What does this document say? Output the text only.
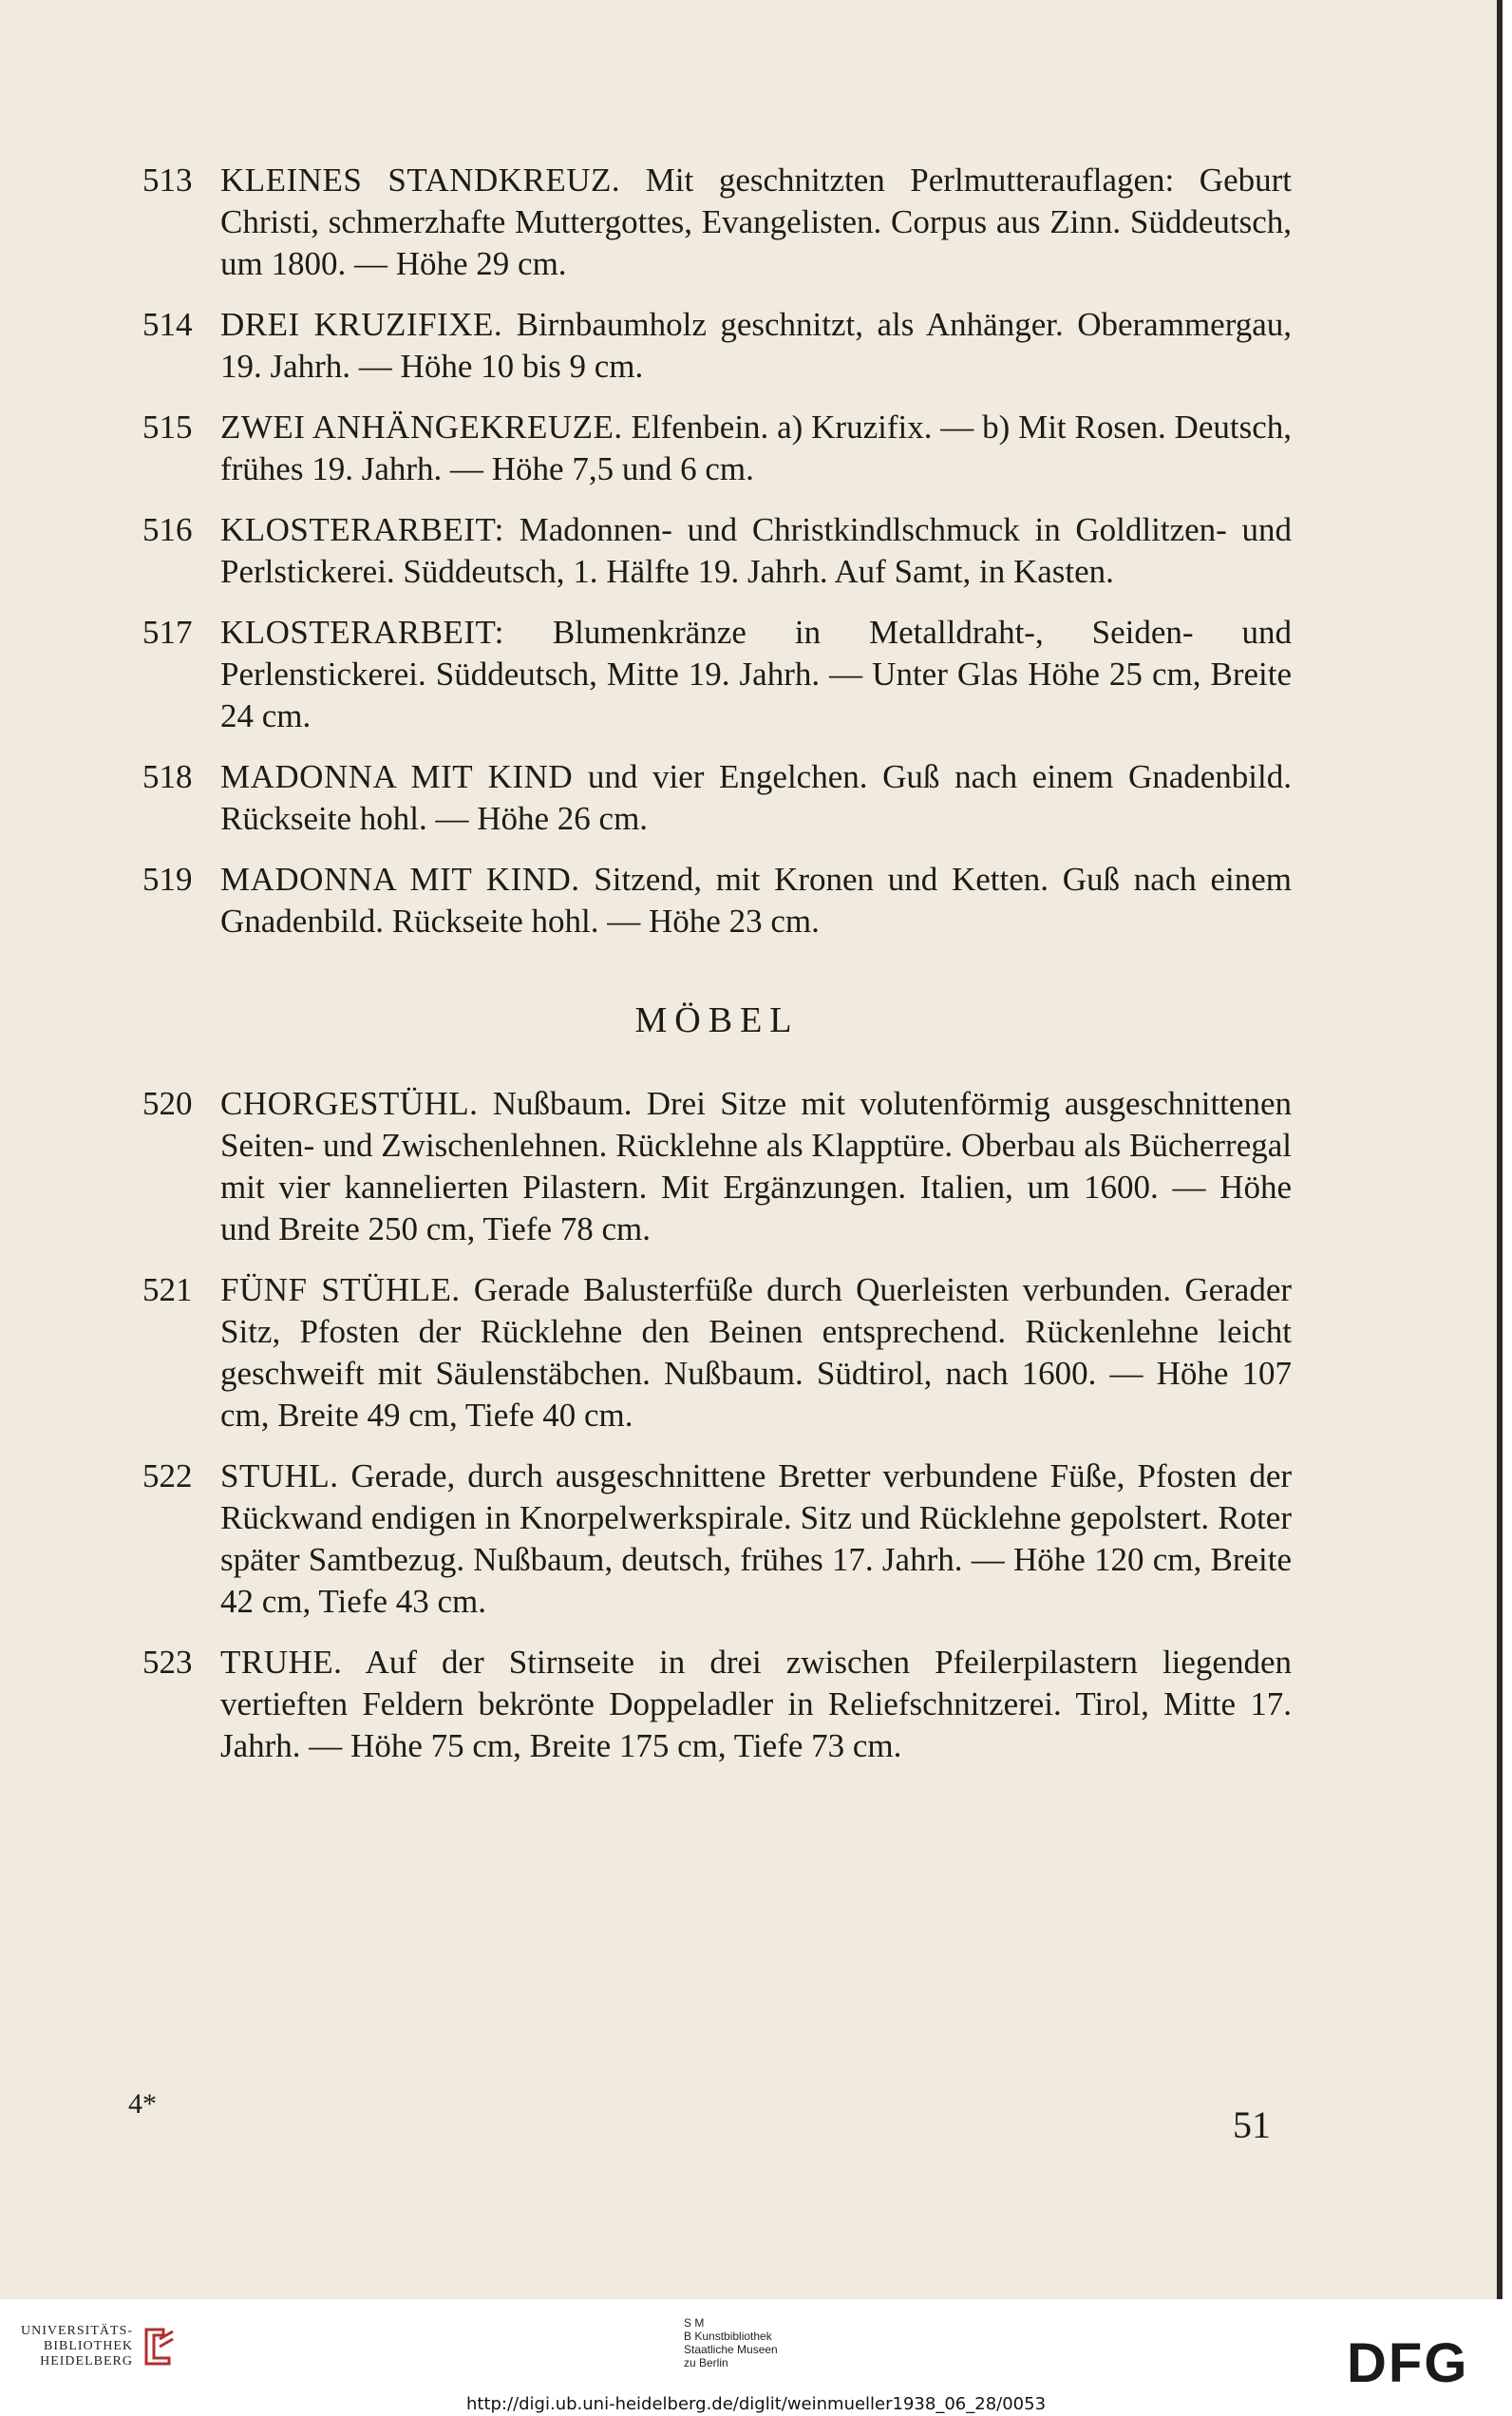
513 KLEINES STANDKREUZ. Mit geschnitzten Perlmutterauflagen: Geburt Christi, schmerzhafte Muttergottes, Evangelisten. Corpus aus Zinn. Süddeutsch, um 1800. — Höhe 29 cm.
514 DREI KRUZIFIXE. Birnbaumholz geschnitzt, als Anhänger. Oberammergau, 19. Jahrh. — Höhe 10 bis 9 cm.
515 ZWEI ANHÄNGEKREUZE. Elfenbein. a) Kruzifix. — b) Mit Rosen. Deutsch, frühes 19. Jahrh. — Höhe 7,5 und 6 cm.
516 KLOSTERARBEIT: Madonnen- und Christkindlschmuck in Goldlitzen- und Perlstickerei. Süddeutsch, 1. Hälfte 19. Jahrh. Auf Samt, in Kasten.
517 KLOSTERARBEIT: Blumenkränze in Metalldraht-, Seiden- und Perlenstickerei. Süddeutsch, Mitte 19. Jahrh. — Unter Glas Höhe 25 cm, Breite 24 cm.
518 MADONNA MIT KIND und vier Engelchen. Guß nach einem Gnadenbild. Rückseite hohl. — Höhe 26 cm.
519 MADONNA MIT KIND. Sitzend, mit Kronen und Ketten. Guß nach einem Gnadenbild. Rückseite hohl. — Höhe 23 cm.
MÖBEL
520 CHORGESTÜHL. Nußbaum. Drei Sitze mit volutenförmig ausgeschnittenen Seiten- und Zwischenlehnen. Rücklehne als Klapptüre. Oberbau als Bücherregal mit vier kannelierten Pilastern. Mit Ergänzungen. Italien, um 1600. — Höhe und Breite 250 cm, Tiefe 78 cm.
521 FÜNF STÜHLE. Gerade Balusterfüße durch Querleisten verbunden. Gerader Sitz, Pfosten der Rücklehne den Beinen entsprechend. Rückenlehne leicht geschweift mit Säulenstäbchen. Nußbaum. Südtirol, nach 1600. — Höhe 107 cm, Breite 49 cm, Tiefe 40 cm.
522 STUHL. Gerade, durch ausgeschnittene Bretter verbundene Füße, Pfosten der Rückwand endigen in Knorpelwerkspirale. Sitz und Rücklehne gepolstert. Roter später Samtbezug. Nußbaum, deutsch, frühes 17. Jahrh. — Höhe 120 cm, Breite 42 cm, Tiefe 43 cm.
523 TRUHE. Auf der Stirnseite in drei zwischen Pfeilerpilastern liegenden vertieften Feldern bekrönte Doppeladler in Reliefschnitzerei. Tirol, Mitte 17. Jahrh. — Höhe 75 cm, Breite 175 cm, Tiefe 73 cm.
4*	51
UNIVERSITÄTS-
BIBLIOTHEK
HEIDELBERG
S M
B Kunstbibliothek
Staatliche Museen
zu Berlin	DFG
http://digi.ub.uni-heidelberg.de/diglit/weinmueller1938_06_28/0053
